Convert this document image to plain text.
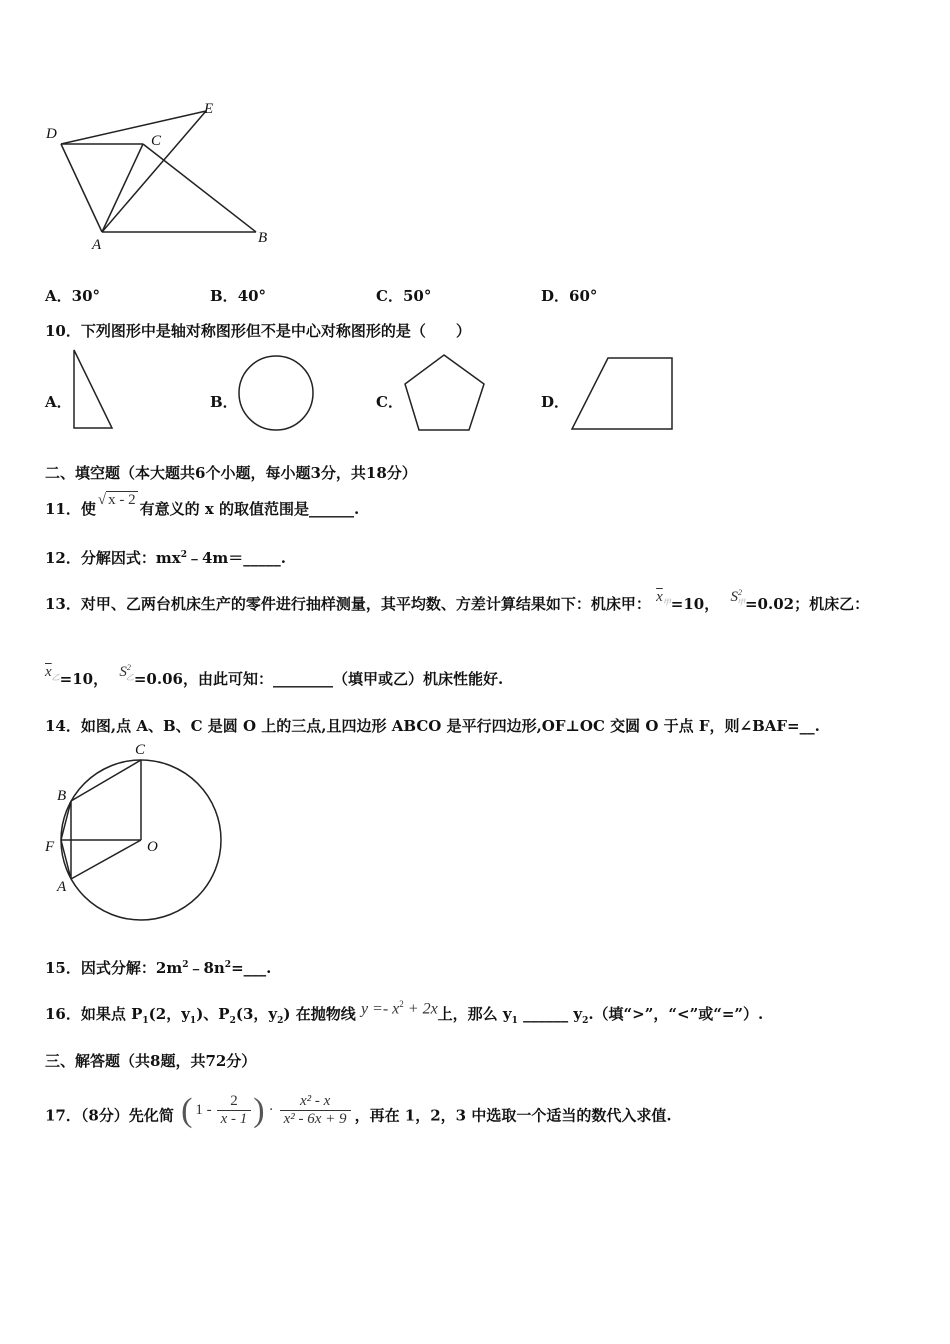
D
E
C
A	B
A．30°	B．40°	C．50°	D．60°
10．下列图形中是轴对称图形但不是中心对称图形的是（　　）
A．	B．	C．	D．
二、填空题（本大题共6个小题，每小题3分，共18分）
11．使 √ x - 2 有意义的 x 的取值范围是______.
12．分解因式：$mx^2﹣4m=\_\_\_\_\_$.
13．对甲、乙两台机床生产的零件进行抽样测量，其平均数、方差计算结果如下：机床甲： $\overline{x}_甲=10$， $S^2_甲=0.02$；机床乙：
$\overline{x}_乙=10$， $S^2_乙=0.06$，由此可知：________（填甲或乙）机床性能好.
14．如图,点 A、B、C 是圆 O 上的三点,且四边形 ABCO 是平行四边形,OF⊥OC 交圆 O 于点 F，则∠BAF=__.
C
B
F	O
A
15．因式分解：$2m^2﹣8n^2=\_\_\_$.
16．如果点 $P_1(2$，$y_1$)、$P_2(3$，$y_2$) 在抛物线 $y =- x^2 + 2x$上，那么 $y_1$ ______ $y_2$.（填“>”，“<”或“=”）.
三、解答题（共8题，共72分）
17．（8分）先化简 ( 1 -
2
x - 1 ) ·
x² - x
x² - 6x + 9 ，再在 1，2，3 中选取一个适当的数代入求值.
